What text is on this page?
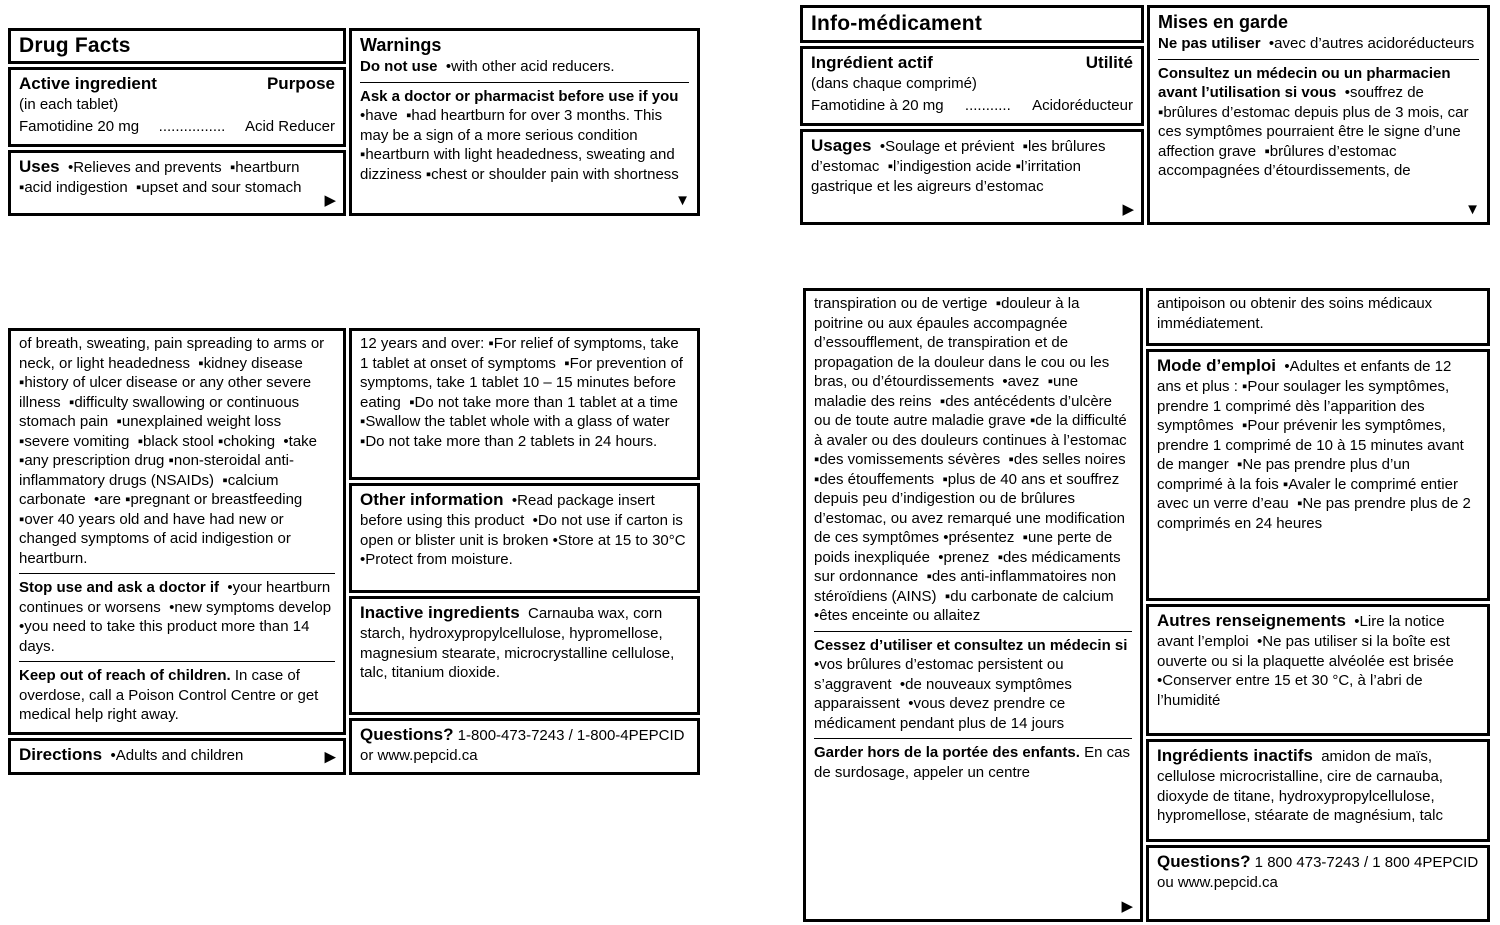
Drug Facts
Active ingredient	Purpose

(in each tablet)

Famotidine 20 mg ................ Acid Reducer

Uses  •Relieves and prevents  ▪heartburn ▪acid indigestion  ▪upset and sour stomach

▶

Warnings

Do not use  •with other acid reducers.

Ask a doctor or pharmacist before use if you  •have  ▪had heartburn for over 3 months. This may be a sign of a more serious condition  ▪heartburn with light headedness, sweating and dizziness ▪chest or shoulder pain with shortness

▼
Info-médicament
Ingrédient actif	Utilité

(dans chaque comprimé)

Famotidine à 20 mg ........... Acidoréducteur

Usages  •Soulage et prévient  ▪les brûlures d’estomac  ▪l’indigestion acide ▪l’irritation gastrique et les aigreurs d’estomac

▶

Mises en garde

Ne pas utiliser  •avec d’autres acidoréducteurs

Consultez un médecin ou un pharmacien avant l’utilisation si vous  •souffrez de ▪brûlures d’estomac depuis plus de 3 mois, car ces symptômes pourraient être le signe d’une affection grave  ▪brûlures d’estomac accompagnées d’étourdissements, de

▼

of breath, sweating, pain spreading to arms or neck, or light headedness  ▪kidney disease  ▪history of ulcer disease or any other severe illness  ▪difficulty swallowing or continuous stomach pain  ▪unexplained weight loss  ▪severe vomiting  ▪black stool ▪choking  •take  ▪any prescription drug ▪non-steroidal anti-inflammatory drugs (NSAIDs)  ▪calcium carbonate  •are ▪pregnant or breastfeeding  ▪over 40 years old and have had new or changed symptoms of acid indigestion or heartburn.

Stop use and ask a doctor if  •your heartburn continues or worsens  •new symptoms develop  •you need to take this product more than 14 days.

Keep out of reach of children. In case of overdose, call a Poison Control Centre or get medical help right away.

Directions  •Adults and children	▶

12 years and over: ▪For relief of symptoms, take 1 tablet at onset of symptoms  ▪For prevention of symptoms, take 1 tablet 10 – 15 minutes before eating  ▪Do not take more than 1 tablet at a time  ▪Swallow the tablet whole with a glass of water  ▪Do not take more than 2 tablets in 24 hours.

Other information  •Read package insert before using this product  •Do not use if carton is open or blister unit is broken •Store at 15 to 30°C  •Protect from moisture.

Inactive ingredients  Carnauba wax, corn starch, hydroxypropylcellulose, hypromellose, magnesium stearate, microcrystalline cellulose, talc, titanium dioxide.

Questions? 1-800-473-7243 / 1-800-4PEPCID or www.pepcid.ca

transpiration ou de vertige  ▪douleur à la poitrine ou aux épaules accompagnée d’essoufflement, de transpiration et de propagation de la douleur dans le cou ou les bras, ou d’étourdissements  •avez  ▪une maladie des reins  ▪des antécédents d’ulcère ou de toute autre maladie grave ▪de la difficulté à avaler ou des douleurs continues à l’estomac  ▪des vomissements sévères  ▪des selles noires  ▪des étouffements  ▪plus de 40 ans et souffrez depuis peu d’indigestion ou de brûlures d’estomac, ou avez remarqué une modification de ces symptômes •présentez  ▪une perte de poids inexpliquée  •prenez  ▪des médicaments sur ordonnance  ▪des anti-inflammatoires non stéroïdiens (AINS)  ▪du carbonate de calcium  •êtes enceinte ou allaitez

Cessez d’utiliser et consultez un médecin si  •vos brûlures d’estomac persistent ou s’aggravent  •de nouveaux symptômes apparaissent  •vous devez prendre ce médicament pendant plus de 14 jours

Garder hors de la portée des enfants. En cas de surdosage, appeler un centre

▶

antipoison ou obtenir des soins médicaux immédiatement.

Mode d’emploi  •Adultes et enfants de 12 ans et plus : ▪Pour soulager les symptômes, prendre 1 comprimé dès l’apparition des symptômes  ▪Pour prévenir les symptômes, prendre 1 comprimé de 10 à 15 minutes avant de manger  ▪Ne pas prendre plus d’un comprimé à la fois ▪Avaler le comprimé entier avec un verre d’eau  ▪Ne pas prendre plus de 2 comprimés en 24 heures

Autres renseignements  •Lire la notice avant l’emploi  •Ne pas utiliser si la boîte est ouverte ou si la plaquette alvéolée est brisée  •Conserver entre 15 et 30 °C, à l’abri de l’humidité

Ingrédients inactifs  amidon de maïs, cellulose microcristalline, cire de carnauba, dioxyde de titane, hydroxypropylcellulose, hypromellose, stéarate de magnésium, talc

Questions? 1 800 473-7243 / 1 800 4PEPCID ou www.pepcid.ca
